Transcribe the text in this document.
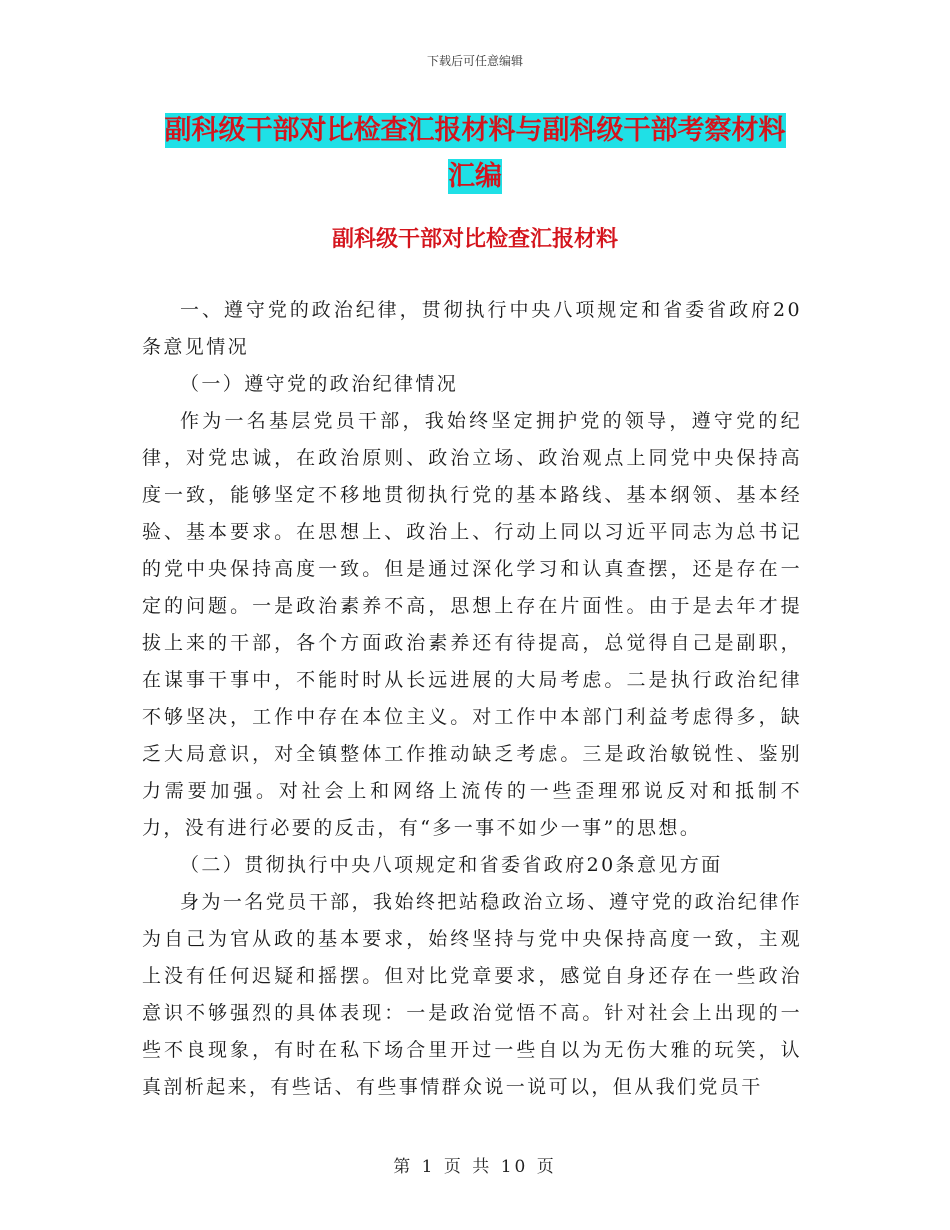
下载后可任意编辑
副科级干部对比检查汇报材料与副科级干部考察材料
汇编
副科级干部对比检查汇报材料

一、遵守党的政治纪律，贯彻执行中央八项规定和省委省政府20条意见情况

（一）遵守党的政治纪律情况

作为一名基层党员干部，我始终坚定拥护党的领导，遵守党的纪律，对党忠诚，在政治原则、政治立场、政治观点上同党中央保持高度一致，能够坚定不移地贯彻执行党的基本路线、基本纲领、基本经验、基本要求。在思想上、政治上、行动上同以习近平同志为总书记的党中央保持高度一致。但是通过深化学习和认真查摆，还是存在一定的问题。一是政治素养不高，思想上存在片面性。由于是去年才提拔上来的干部，各个方面政治素养还有待提高，总觉得自己是副职，在谋事干事中，不能时时从长远进展的大局考虑。二是执行政治纪律不够坚决，工作中存在本位主义。对工作中本部门利益考虑得多，缺乏大局意识，对全镇整体工作推动缺乏考虑。三是政治敏锐性、鉴别力需要加强。对社会上和网络上流传的一些歪理邪说反对和抵制不力，没有进行必要的反击，有“多一事不如少一事”的思想。

（二）贯彻执行中央八项规定和省委省政府20条意见方面

身为一名党员干部，我始终把站稳政治立场、遵守党的政治纪律作为自己为官从政的基本要求，始终坚持与党中央保持高度一致，主观上没有任何迟疑和摇摆。但对比党章要求，感觉自身还存在一些政治意识不够强烈的具体表现：一是政治觉悟不高。针对社会上出现的一些不良现象，有时在私下场合里开过一些自以为无伤大雅的玩笑，认真剖析起来，有些话、有些事情群众说一说可以，但从我们党员干

第 1 页 共 10 页
